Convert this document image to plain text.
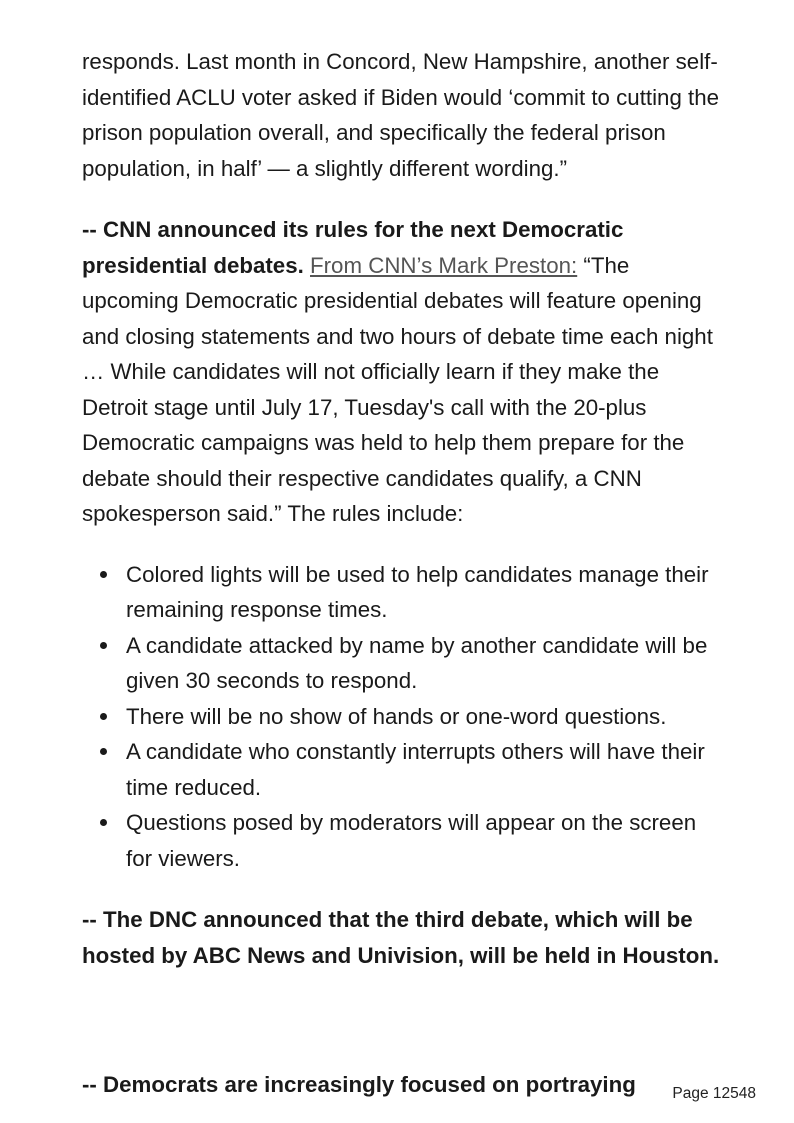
responds. Last month in Concord, New Hampshire, another self-identified ACLU voter asked if Biden would ‘commit to cutting the prison population overall, and specifically the federal prison population, in half’ — a slightly different wording.”

-- CNN announced its rules for the next Democratic presidential debates. From CNN’s Mark Preston: “The upcoming Democratic presidential debates will feature opening and closing statements and two hours of debate time each night … While candidates will not officially learn if they make the Detroit stage until July 17, Tuesday's call with the 20-plus Democratic campaigns was held to help them prepare for the debate should their respective candidates qualify, a CNN spokesperson said.” The rules include:

Colored lights will be used to help candidates manage their remaining response times.
A candidate attacked by name by another candidate will be given 30 seconds to respond.
There will be no show of hands or one-word questions.
A candidate who constantly interrupts others will have their time reduced.
Questions posed by moderators will appear on the screen for viewers.

-- The DNC announced that the third debate, which will be hosted by ABC News and Univision, will be held in Houston.

-- Democrats are increasingly focused on portraying	Page 12548
